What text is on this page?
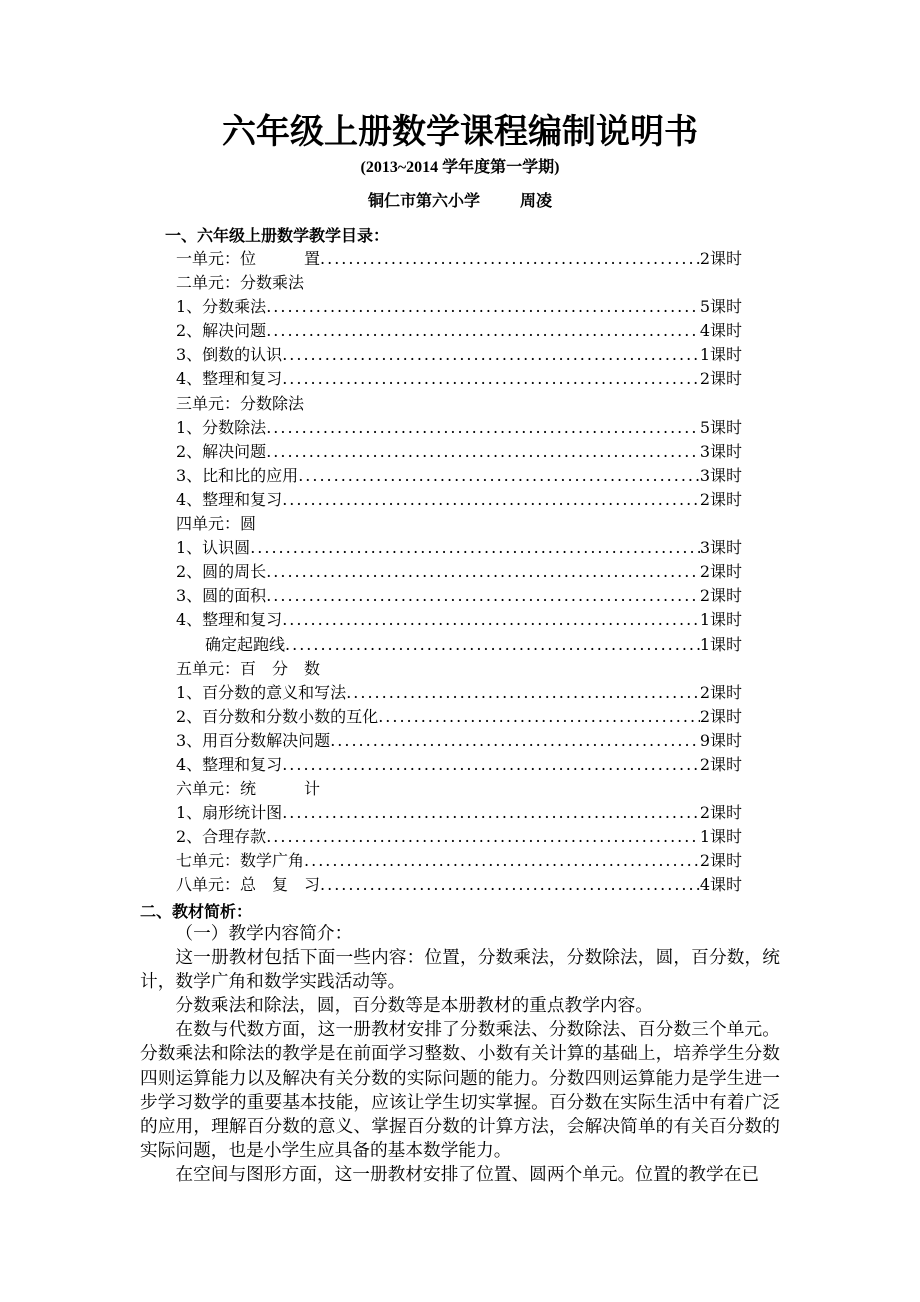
六年级上册数学课程编制说明书
(2013~2014 学年度第一学期)
铜仁市第六小学	周凌
一、六年级上册数学教学目录：
一单元：位　　　置 .....	2课时
二单元：分数乘法
1、分数乘法 .....	5课时
2、解决问题 .....	4课时
3、倒数的认识 .....	1课时
4、整理和复习 .....	2课时
三单元：分数除法
1、分数除法 .....	5课时
2、解决问题 .....	3课时
3、比和比的应用 .....	3课时
4、整理和复习 .....	2课时
四单元：圆
1、认识圆 .....	3课时
2、圆的周长 .....	2课时
3、圆的面积 .....	2课时
4、整理和复习 .....	1课时
确定起跑线 .....	1课时
五单元：百　分　数
1、百分数的意义和写法 .....	2课时
2、百分数和分数小数的互化 .....	2课时
3、用百分数解决问题 .....	9课时
4、整理和复习 .....	2课时
六单元：统　　　计
1、扇形统计图 .....	2课时
2、合理存款 .....	1课时
七单元：数学广角 .....	2课时
八单元：总　复　习 .....	4课时
二、教材简析：

（一）教学内容简介：

这一册教材包括下面一些内容：位置，分数乘法，分数除法，圆，百分数，统计，数学广角和数学实践活动等。

分数乘法和除法，圆，百分数等是本册教材的重点教学内容。

在数与代数方面，这一册教材安排了分数乘法、分数除法、百分数三个单元。分数乘法和除法的教学是在前面学习整数、小数有关计算的基础上，培养学生分数四则运算能力以及解决有关分数的实际问题的能力。分数四则运算能力是学生进一步学习数学的重要基本技能，应该让学生切实掌握。百分数在实际生活中有着广泛的应用，理解百分数的意义、掌握百分数的计算方法，会解决简单的有关百分数的实际问题，也是小学生应具备的基本数学能力。

在空间与图形方面，这一册教材安排了位置、圆两个单元。位置的教学在已
